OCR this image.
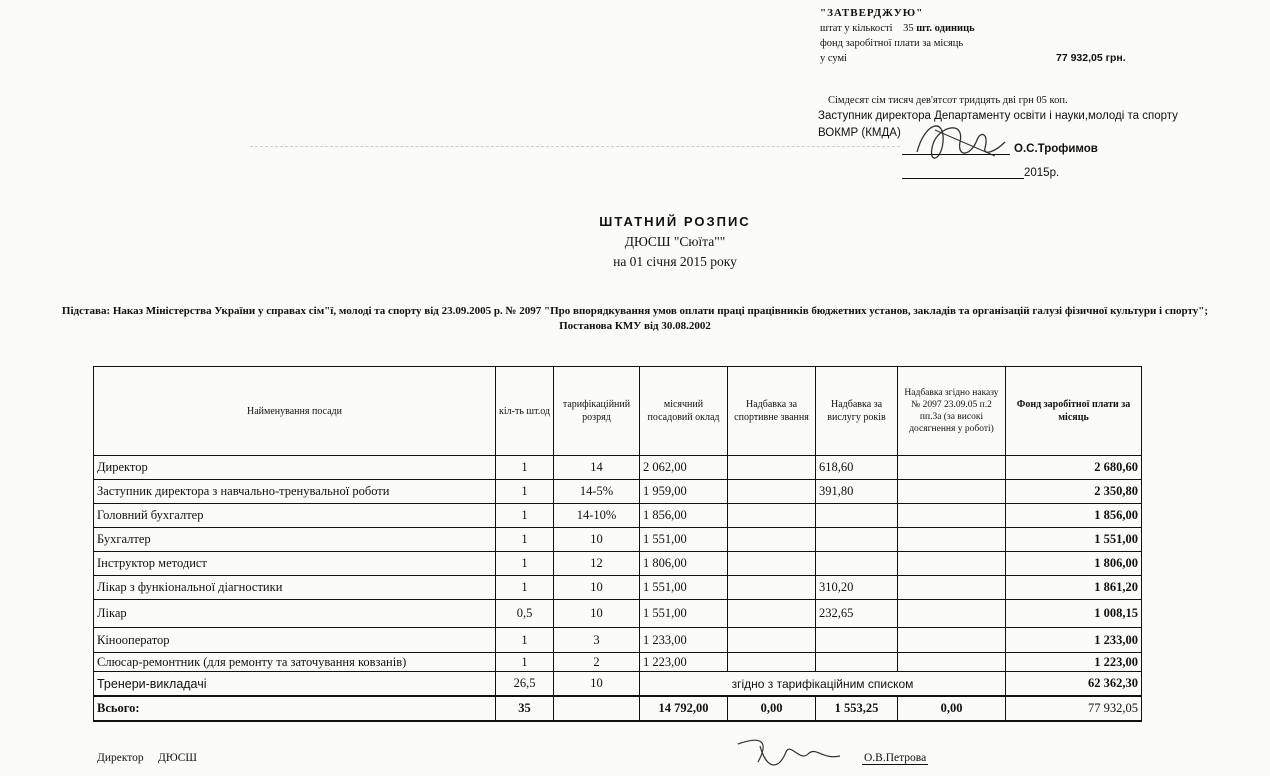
"ЗАТВЕРДЖУЮ"
штат у кількості 35 шт. одиниць
фонд заробітної плати за місяць
у сумі	77 932,05 грн.
Сімдесят сім тисяч дев'ятсот тридцять дві грн 05 коп.
Заступник директора Департаменту освіти і науки,молоді та спорту
ВОКМР (КМДА)
О.С.Трофимов
2015р.
ШТАТНИЙ РОЗПИС
ДЮСШ "Сюїта""
на 01 січня 2015 року
Підстава: Наказ Міністерства України у справах сім"ї, молоді та спорту від 23.09.2005 р. № 2097 "Про впорядкування умов оплати праці працівників бюджетних установ, закладів та організацій галузі фізичної культури і спорту"; Постанова КМУ від 30.08.2002
Найменування посади	кіл-ть шт.од	тарифікаційний розряд	місячний посадовий оклад	Надбавка за спортивне звання	Надбавка за вислугу років	Надбавка згідно наказу № 2097 23.09.05 п.2 пп.3а (за високі досягнення у роботі)	Фонд заробітної плати за місяць
Директор	1	14	2 062,00		618,60		2 680,60
Заступник директора з навчально-тренувальної роботи	1	14-5%	1 959,00		391,80		2 350,80
Головний бухгалтер	1	14-10%	1 856,00				1 856,00
Бухгалтер	1	10	1 551,00				1 551,00
Інструктор методист	1	12	1 806,00				1 806,00
Лікар з функіональної діагностики	1	10	1 551,00		310,20		1 861,20
Лікар	0,5	10	1 551,00		232,65		1 008,15
Кінооператор	1	3	1 233,00				1 233,00
Слюсар-ремонтник (для ремонту та заточування ковзанів)	1	2	1 223,00				1 223,00
Тренери-викладачі	26,5	10	згідно з тарифікаційним списком				62 362,30
Всього:	35		14 792,00	0,00	1 553,25	0,00	77 932,05
Директор ДЮСШ	О.В.Петрова
